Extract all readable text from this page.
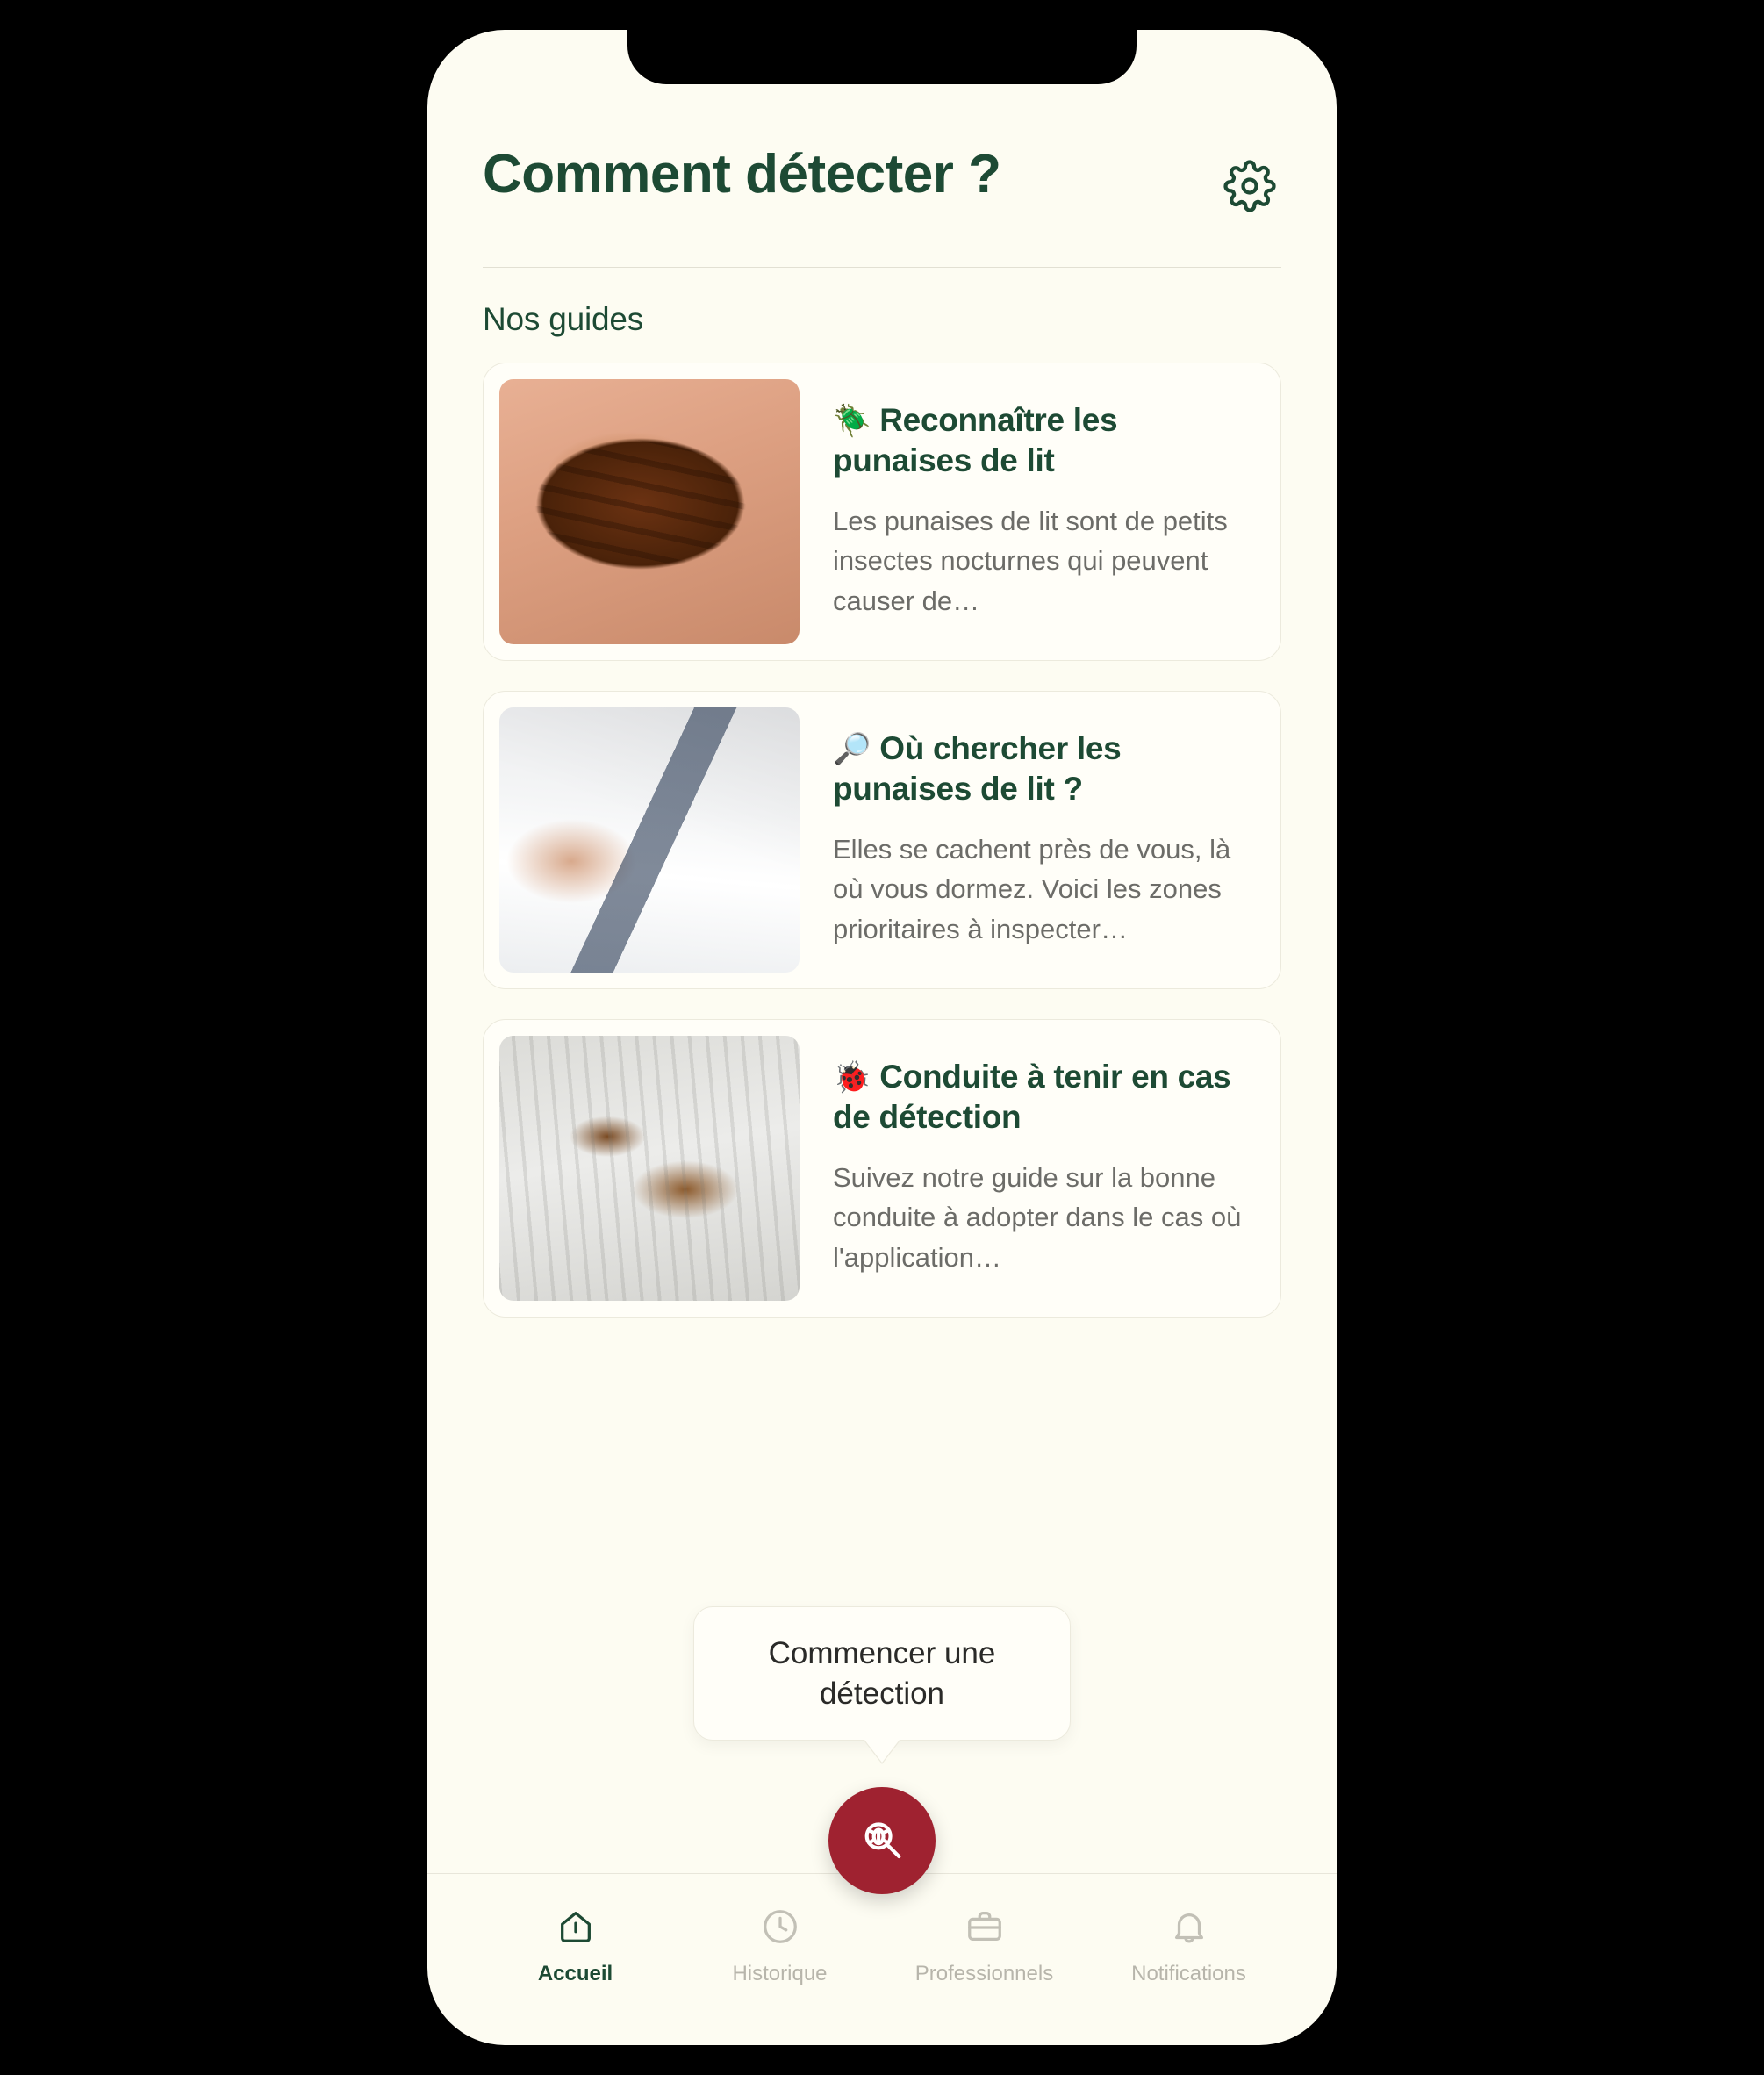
Comment détecter ?
Nos guides
🪲 Reconnaître les punaises de lit
Les punaises de lit sont de petits insectes nocturnes qui peuvent causer de…
🔎 Où chercher les punaises de lit ?
Elles se cachent près de vous, là où vous dormez. Voici les zones prioritaires à inspecter…
🐞 Conduite à tenir en cas de détection
Suivez notre guide sur la bonne conduite à adopter dans le cas où l'application…
Commencer une détection
Accueil	Historique	Professionnels	Notifications
